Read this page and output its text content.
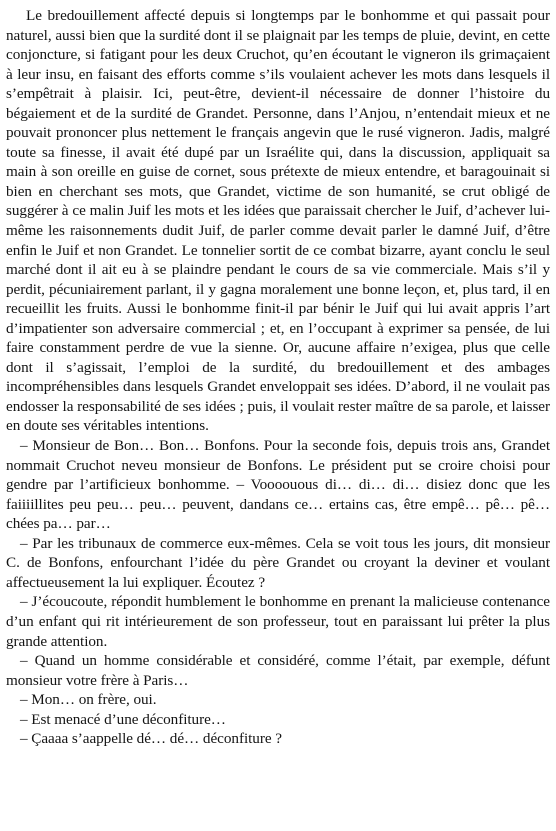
Le bredouillement affecté depuis si longtemps par le bonhomme et qui passait pour naturel, aussi bien que la surdité dont il se plaignait par les temps de pluie, devint, en cette conjoncture, si fatigant pour les deux Cruchot, qu’en écoutant le vigneron ils grimaçaient à leur insu, en faisant des efforts comme s’ils voulaient achever les mots dans lesquels il s’empêtrait à plaisir. Ici, peut-être, devient-il nécessaire de donner l’histoire du bégaiement et de la surdité de Grandet. Personne, dans l’Anjou, n’entendait mieux et ne pouvait prononcer plus nettement le français angevin que le rusé vigneron. Jadis, malgré toute sa finesse, il avait été dupé par un Israélite qui, dans la discussion, appliquait sa main à son oreille en guise de cornet, sous prétexte de mieux entendre, et baragouinait si bien en cherchant ses mots, que Grandet, victime de son humanité, se crut obligé de suggérer à ce malin Juif les mots et les idées que paraissait chercher le Juif, d’achever lui-même les raisonnements dudit Juif, de parler comme devait parler le damné Juif, d’être enfin le Juif et non Grandet. Le tonnelier sortit de ce combat bizarre, ayant conclu le seul marché dont il ait eu à se plaindre pendant le cours de sa vie commerciale. Mais s’il y perdit, pécuniairement parlant, il y gagna moralement une bonne leçon, et, plus tard, il en recueillit les fruits. Aussi le bonhomme finit-il par bénir le Juif qui lui avait appris l’art d’impatienter son adversaire commercial ; et, en l’occupant à exprimer sa pensée, de lui faire constamment perdre de vue la sienne. Or, aucune affaire n’exigea, plus que celle dont il s’agissait, l’emploi de la surdité, du bredouillement et des ambages incompréhensibles dans lesquels Grandet enveloppait ses idées. D’abord, il ne voulait pas endosser la responsabilité de ses idées ; puis, il voulait rester maître de sa parole, et laisser en doute ses véritables intentions.

– Monsieur de Bon… Bon… Bonfons. Pour la seconde fois, depuis trois ans, Grandet nommait Cruchot neveu monsieur de Bonfons. Le président put se croire choisi pour gendre par l’artificieux bonhomme. – Voooouous di… di… di… disiez donc que les faiiiillites peu peu… peu… peuvent, dandans ce… ertains cas, être empê… pê… pê… chées pa… par…

– Par les tribunaux de commerce eux-mêmes. Cela se voit tous les jours, dit monsieur C. de Bonfons, enfourchant l’idée du père Grandet ou croyant la deviner et voulant affectueusement la lui expliquer. Écoutez ?

– J’écoucoute, répondit humblement le bonhomme en prenant la malicieuse contenance d’un enfant qui rit intérieurement de son professeur, tout en paraissant lui prêter la plus grande attention.

– Quand un homme considérable et considéré, comme l’était, par exemple, défunt monsieur votre frère à Paris…

– Mon… on frère, oui.

– Est menacé d’une déconfiture…

– Çaaaa s’aappelle dé… dé… déconfiture ?
